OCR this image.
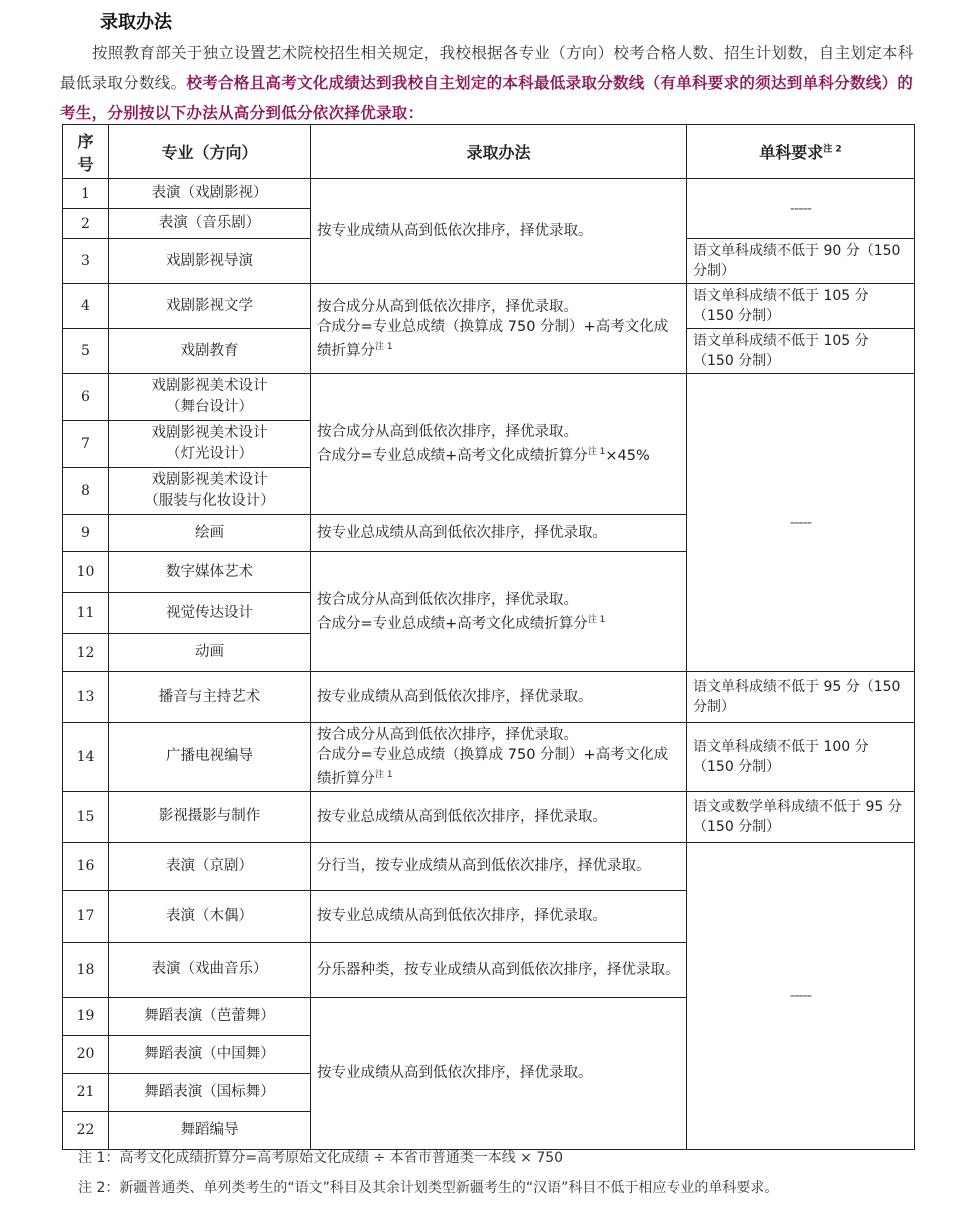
录取办法
按照教育部关于独立设置艺术院校招生相关规定，我校根据各专业（方向）校考合格人数、招生计划数，自主划定本科最低录取分数线。校考合格且高考文化成绩达到我校自主划定的本科最低录取分数线（有单科要求的须达到单科分数线）的考生，分别按以下办法从高分到低分依次择优录取：
序
号	专业（方向）	录取办法	单科要求$^{注 2}$
1	表演（戏剧影视）	按专业成绩从高到低依次排序，择优录取。	-----
2	表演（音乐剧）		
3	戏剧影视导演		语文单科成绩不低于 90 分（150 分制）
4	戏剧影视文学	按合成分从高到低依次排序，择优录取。
合成分=专业总成绩（换算成 750 分制）+高考文化成绩折算分$^{注 1}$	语文单科成绩不低于 105 分（150 分制）
5	戏剧教育		语文单科成绩不低于 105 分（150 分制）
6	戏剧影视美术设计
（舞台设计）	按合成分从高到低依次排序，择优录取。
合成分=专业总成绩+高考文化成绩折算分$^{注 1}$×45%	-----
7	戏剧影视美术设计
（灯光设计）		
8	戏剧影视美术设计
（服装与化妆设计）		
9	绘画	按专业总成绩从高到低依次排序，择优录取。	
10	数字媒体艺术	按合成分从高到低依次排序，择优录取。
合成分=专业总成绩+高考文化成绩折算分$^{注 1}$
11	视觉传达设计		
12	动画		
13	播音与主持艺术	按专业成绩从高到低依次排序，择优录取。	语文单科成绩不低于 95 分（150 分制）
14	广播电视编导	按合成分从高到低依次排序，择优录取。
合成分=专业总成绩（换算成 750 分制）+高考文化成绩折算分$^{注 1}$	语文单科成绩不低于 100 分（150 分制）
15	影视摄影与制作	按专业总成绩从高到低依次排序，择优录取。	语文或数学单科成绩不低于 95 分（150 分制）
16	表演（京剧）	分行当，按专业成绩从高到低依次排序，择优录取。	-----
17	表演（木偶）	按专业总成绩从高到低依次排序，择优录取。	
18	表演（戏曲音乐）	分乐器种类，按专业成绩从高到低依次排序，择优录取。	
19	舞蹈表演（芭蕾舞）	按专业成绩从高到低依次排序，择优录取。	
20	舞蹈表演（中国舞）		
21	舞蹈表演（国标舞）		
22	舞蹈编导		
注 1：高考文化成绩折算分=高考原始文化成绩 ÷ 本省市普通类一本线 × 750
注 2：新疆普通类、单列类考生的“语文”科目及其余计划类型新疆考生的“汉语”科目不低于相应专业的单科要求。
